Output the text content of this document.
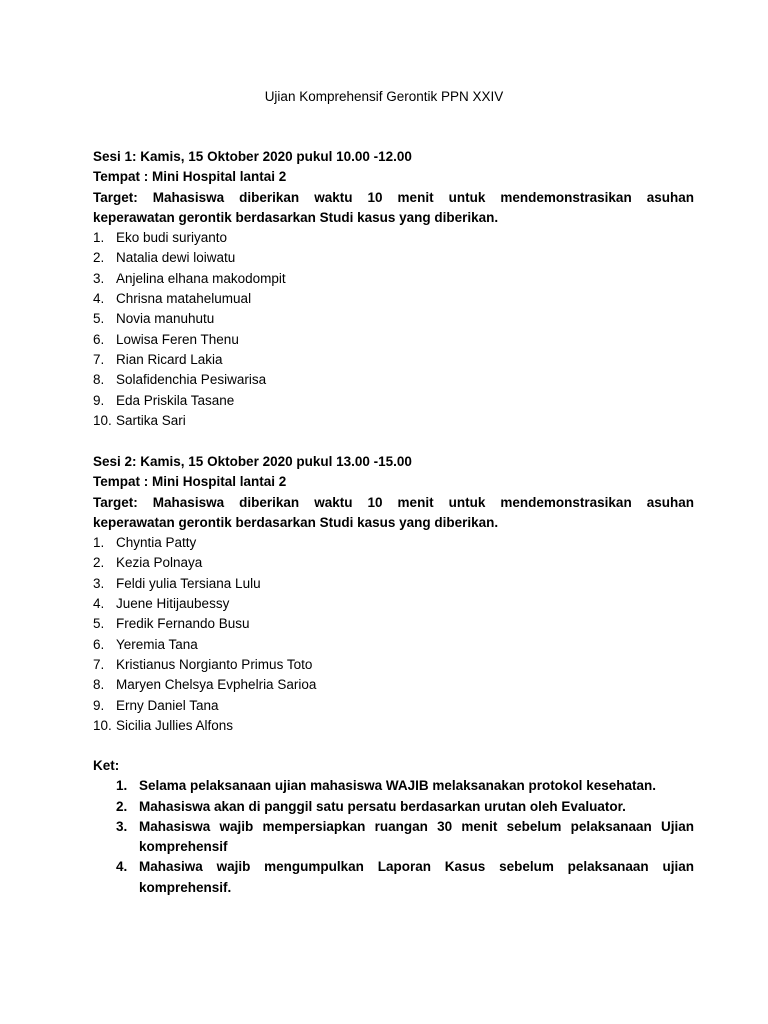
Ujian Komprehensif Gerontik PPN XXIV
Sesi 1: Kamis, 15 Oktober 2020 pukul 10.00 -12.00
Tempat : Mini Hospital lantai 2
Target: Mahasiswa diberikan waktu 10 menit untuk mendemonstrasikan asuhan
keperawatan gerontik berdasarkan Studi kasus yang diberikan.
1. Eko budi suriyanto
2. Natalia dewi loiwatu
3. Anjelina elhana makodompit
4. Chrisna matahelumual
5. Novia manuhutu
6. Lowisa Feren Thenu
7. Rian Ricard Lakia
8. Solafidenchia Pesiwarisa
9. Eda Priskila Tasane
10. Sartika Sari
Sesi 2: Kamis, 15 Oktober 2020 pukul 13.00 -15.00
Tempat : Mini Hospital lantai 2
Target: Mahasiswa diberikan waktu 10 menit untuk mendemonstrasikan asuhan
keperawatan gerontik berdasarkan Studi kasus yang diberikan.
1. Chyntia Patty
2. Kezia Polnaya
3. Feldi yulia Tersiana Lulu
4. Juene Hitijaubessy
5. Fredik Fernando Busu
6. Yeremia Tana
7. Kristianus Norgianto Primus Toto
8. Maryen Chelsya Evphelria Sarioa
9. Erny Daniel Tana
10. Sicilia Jullies Alfons
Ket:
1. Selama pelaksanaan ujian mahasiswa WAJIB melaksanakan protokol kesehatan.
2. Mahasiswa akan di panggil satu persatu berdasarkan urutan oleh Evaluator.
3. Mahasiswa wajib mempersiapkan ruangan 30 menit sebelum pelaksanaan Ujian komprehensif
4. Mahasiwa wajib mengumpulkan Laporan Kasus sebelum pelaksanaan ujian komprehensif.
